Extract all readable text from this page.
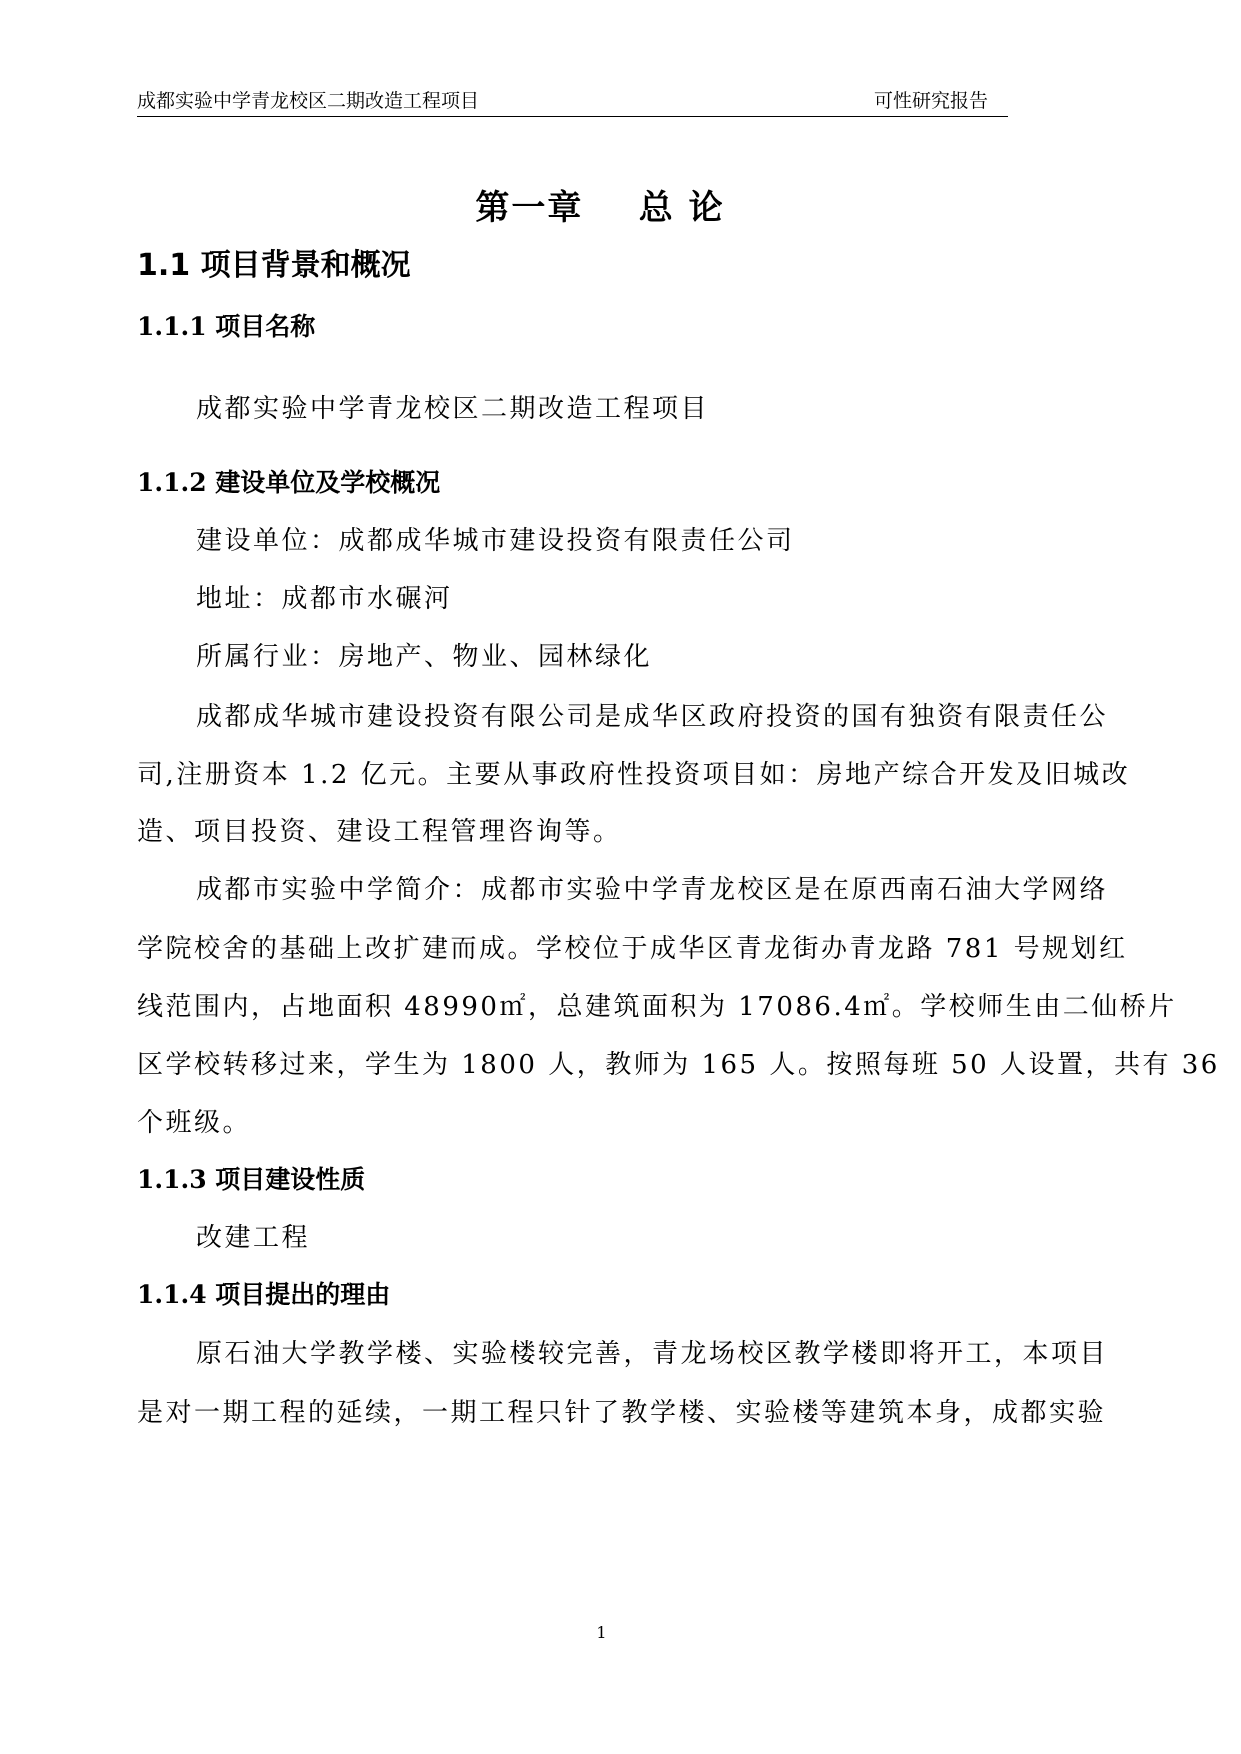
成都实验中学青龙校区二期改造工程项目	可性研究报告
第一章    总 论
1.1 项目背景和概况
1.1.1 项目名称
成都实验中学青龙校区二期改造工程项目
1.1.2 建设单位及学校概况
建设单位：成都成华城市建设投资有限责任公司
地址：成都市水碾河
所属行业：房地产、物业、园林绿化
成都成华城市建设投资有限公司是成华区政府投资的国有独资有限责任公
司,注册资本 1.2 亿元。主要从事政府性投资项目如：房地产综合开发及旧城改
造、项目投资、建设工程管理咨询等。
成都市实验中学简介：成都市实验中学青龙校区是在原西南石油大学网络
学院校舍的基础上改扩建而成。学校位于成华区青龙街办青龙路 781 号规划红
线范围内，占地面积 48990㎡，总建筑面积为 17086.4㎡。学校师生由二仙桥片
区学校转移过来，学生为 1800 人，教师为 165 人。按照每班 50 人设置，共有 36
个班级。
1.1.3 项目建设性质
改建工程
1.1.4 项目提出的理由
原石油大学教学楼、实验楼较完善，青龙场校区教学楼即将开工，本项目
是对一期工程的延续，一期工程只针了教学楼、实验楼等建筑本身，成都实验
1
